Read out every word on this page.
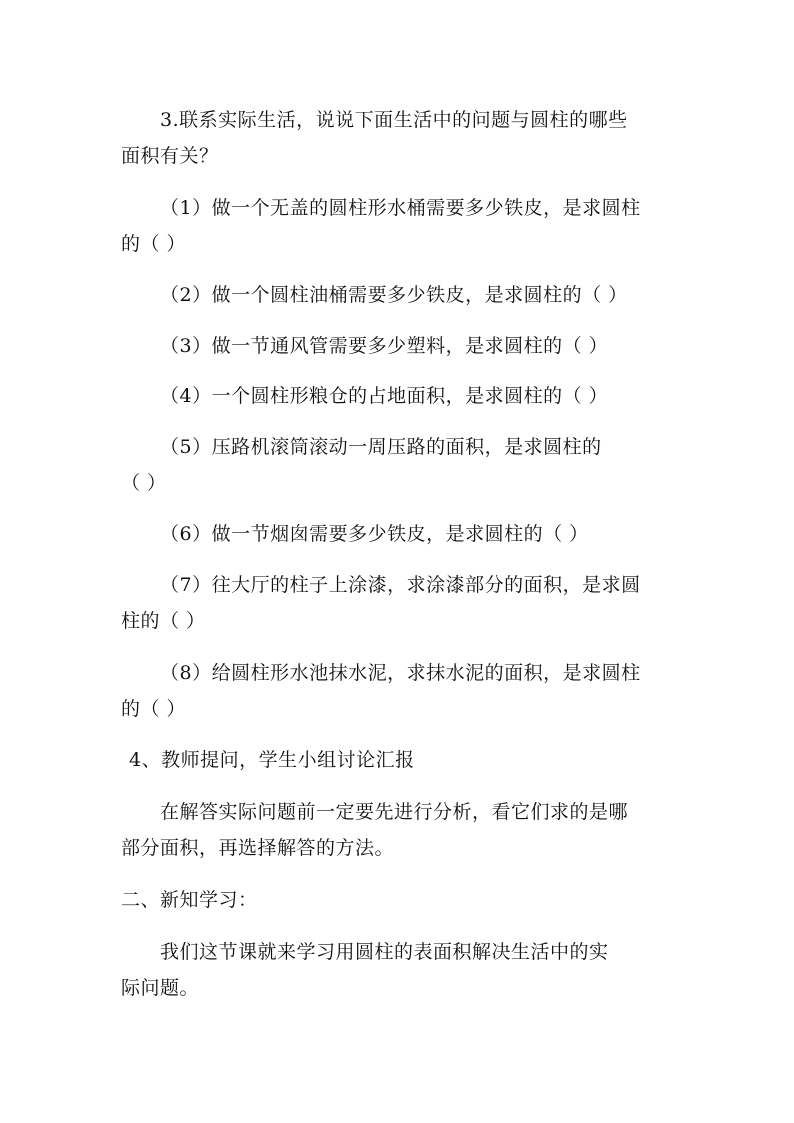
3.联系实际生活，说说下面生活中的问题与圆柱的哪些
面积有关？
（1）做一个无盖的圆柱形水桶需要多少铁皮，是求圆柱
的（ ）
（2）做一个圆柱油桶需要多少铁皮，是求圆柱的（ ）
（3）做一节通风管需要多少塑料，是求圆柱的（ ）
（4）一个圆柱形粮仓的占地面积，是求圆柱的（ ）
（5）压路机滚筒滚动一周压路的面积，是求圆柱的
（ ）
（6）做一节烟囱需要多少铁皮，是求圆柱的（ ）
（7）往大厅的柱子上涂漆，求涂漆部分的面积，是求圆
柱的（ ）
（8）给圆柱形水池抹水泥，求抹水泥的面积，是求圆柱
的（ ）
4、教师提问，学生小组讨论汇报
在解答实际问题前一定要先进行分析，看它们求的是哪
部分面积，再选择解答的方法。
二、新知学习：
我们这节课就来学习用圆柱的表面积解决生活中的实
际问题。
